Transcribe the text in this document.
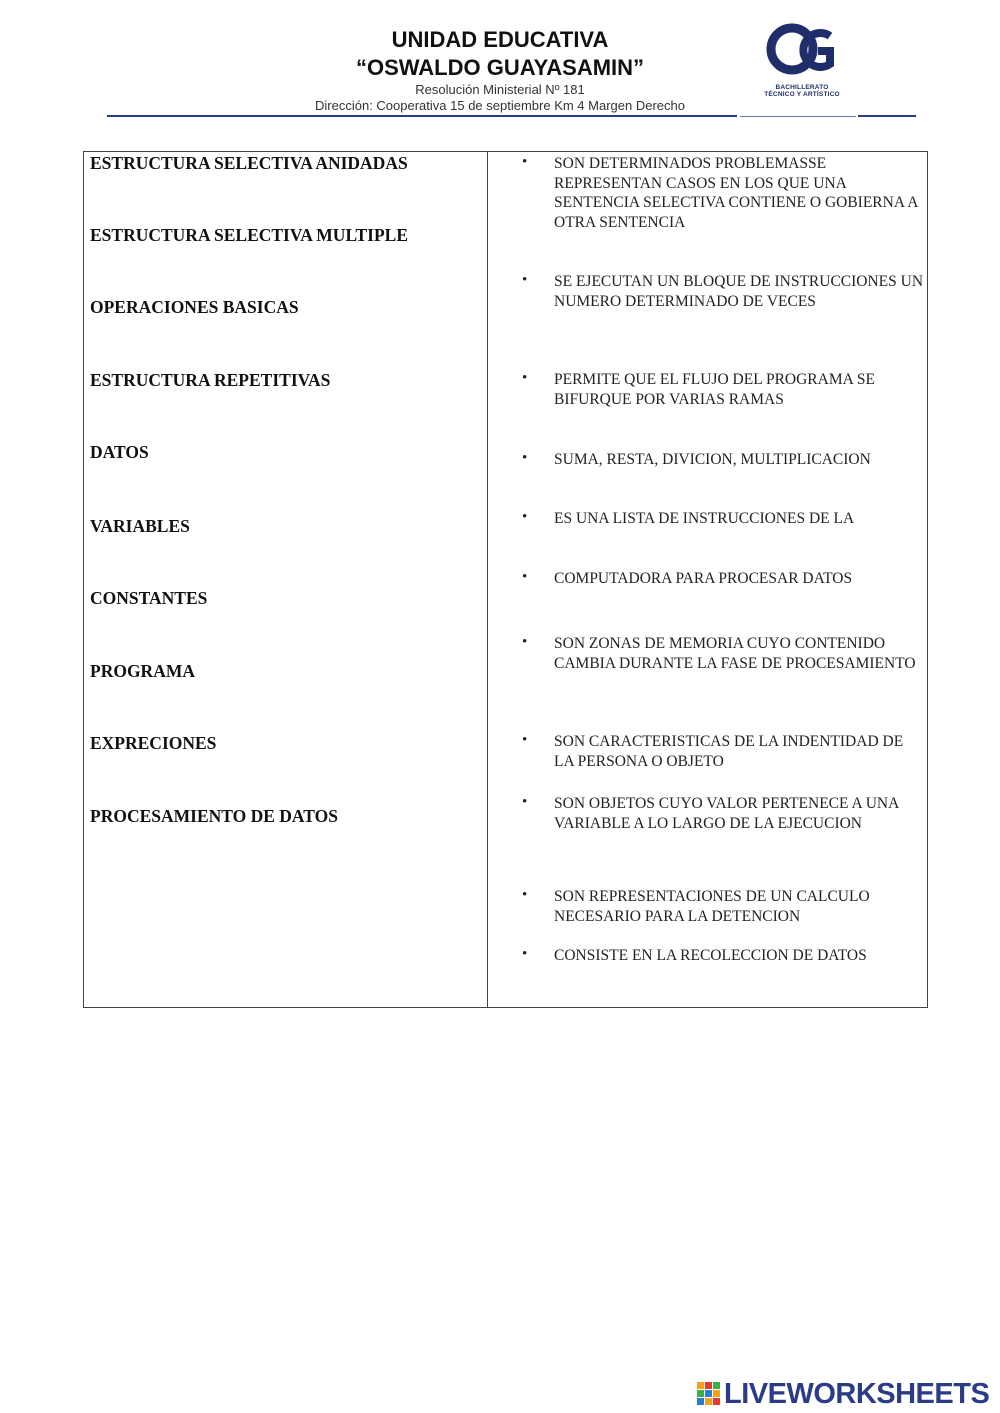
UNIDAD EDUCATIVA
“OSWALDO GUAYASAMIN”
Resolución Ministerial Nº 181
Dirección: Cooperativa 15 de septiembre Km 4 Margen Derecho
BACHILLERATO
TÉCNICO Y ARTÍSTICO
ESTRUCTURA SELECTIVA ANIDADAS
ESTRUCTURA SELECTIVA MULTIPLE
OPERACIONES BASICAS
ESTRUCTURA REPETITIVAS
DATOS
VARIABLES
CONSTANTES
PROGRAMA
EXPRECIONES
PROCESAMIENTO DE DATOS
• SON DETERMINADOS PROBLEMASSE REPRESENTAN CASOS EN LOS QUE UNA SENTENCIA SELECTIVA CONTIENE O GOBIERNA A OTRA SENTENCIA
• SE EJECUTAN UN BLOQUE DE INSTRUCCIONES UN NUMERO DETERMINADO DE VECES
• PERMITE QUE EL FLUJO DEL PROGRAMA SE BIFURQUE POR VARIAS RAMAS
• SUMA, RESTA, DIVICION, MULTIPLICACION
• ES UNA LISTA DE INSTRUCCIONES DE LA
• COMPUTADORA PARA PROCESAR DATOS
• SON ZONAS DE MEMORIA CUYO CONTENIDO CAMBIA DURANTE LA FASE DE PROCESAMIENTO
• SON CARACTERISTICAS DE LA INDENTIDAD DE LA PERSONA O OBJETO
• SON OBJETOS CUYO VALOR PERTENECE A UNA VARIABLE A LO LARGO DE LA EJECUCION
• SON REPRESENTACIONES DE UN CALCULO NECESARIO PARA LA DETENCION
• CONSISTE EN LA RECOLECCION DE DATOS
LIVEWORKSHEETS
